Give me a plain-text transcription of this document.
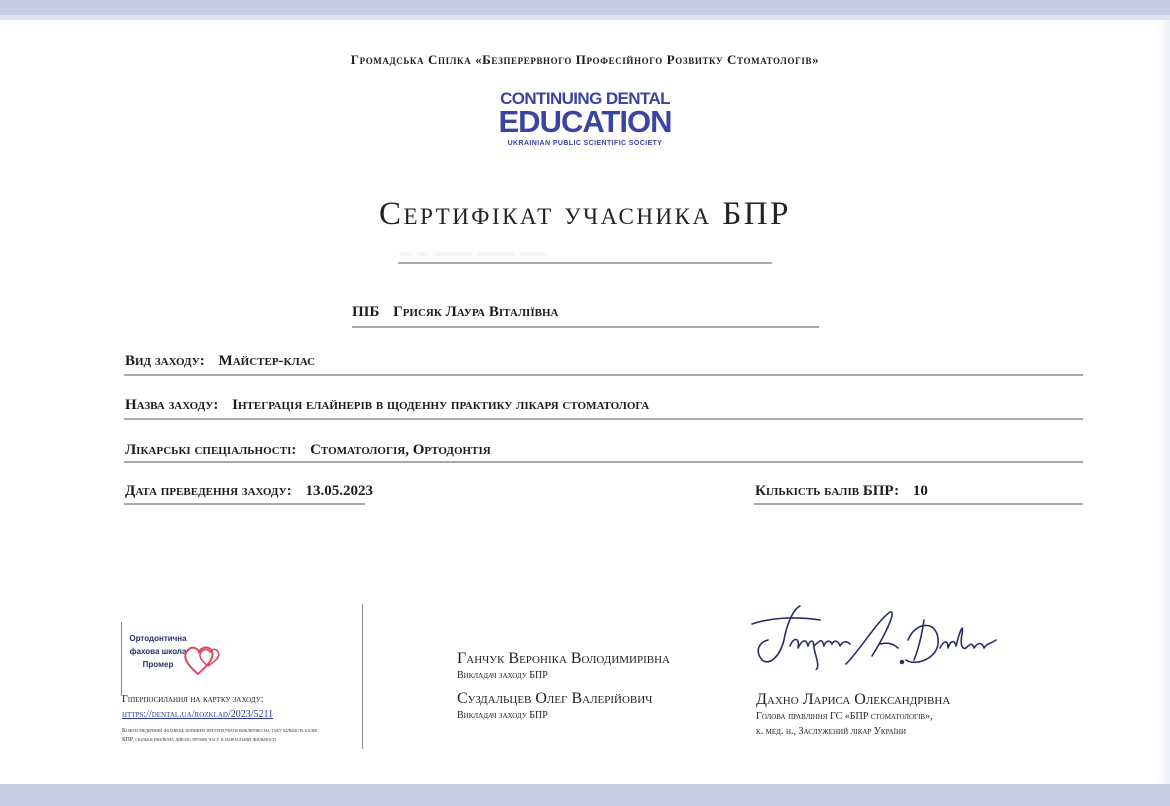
Громадська Спілка «Безперервного Професійного Розвитку Стоматологів»
CONTINUING DENTAL
EDUCATION
UKRAINIAN PUBLIC SCIENTIFIC SOCIETY
Сертифікат учасника БПР
— — ——— ——— ——
ПІБ Грисяк Лаура Віталіївна
Вид заходу: Майстер-клас
Назва заходу: Інтеграція елайнерів в щоденну практику лікаря стоматолога
Лікарські спеціальності: Стоматологія, Ортодонтія
Дата преведення заходу: 13.05.2023	Кількість балів БПР: 10
Ортодонтична
фахова школа
Промер
Гіперпосилання на картку заходу:
https://dental.ua/rozklad/2023/5211
Кожен медичний фахівець повинен претендувати виключно на таку кількість балів БПР, скільки він/вона дійсно провів часу в навчальній діяльності
Ганчук Вероніка Володимирівна
Викладач заходу БПР
Суздальцев Олег Валерійович
Викладач заходу БПР
Дахно Лариса Олександрівна
Голова правління ГС «БПР стоматологів»,
к. мед. н., Заслужений лікар України
